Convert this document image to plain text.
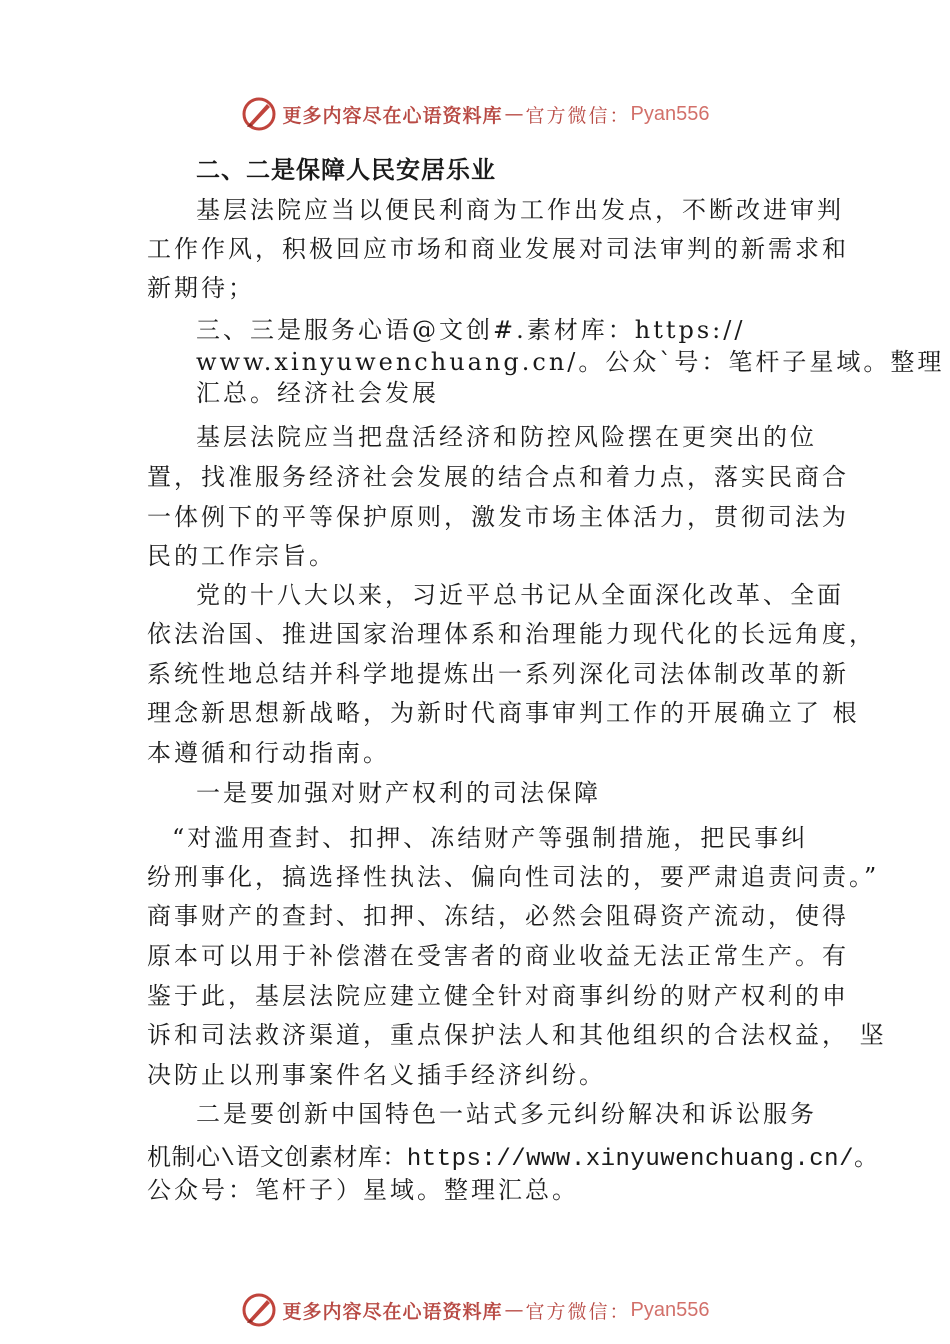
更多内容尽在心语资料库 — 官方微信： Pyan556
二、二是保障人民安居乐业
基层法院应当以便民利商为工作出发点，不断改进审判
工作作风，积极回应市场和商业发展对司法审判的新需求和
新期待；
三、三是服务心语@文创#.素材库：https://
www.xinyuwenchuang.cn/。公众`号：笔杆子星域。整理
汇总。经济社会发展
基层法院应当把盘活经济和防控风险摆在更突出的位
置，找准服务经济社会发展的结合点和着力点，落实民商合
一体例下的平等保护原则，激发市场主体活力，贯彻司法为
民的工作宗旨。
党的十八大以来，习近平总书记从全面深化改革、全面
依法治国、推进国家治理体系和治理能力现代化的长远角度，
系统性地总结并科学地提炼出一系列深化司法体制改革的新
理念新思想新战略，为新时代商事审判工作的开展确立了 根
本遵循和行动指南。
一是要加强对财产权利的司法保障
“对滥用查封、扣押、冻结财产等强制措施，把民事纠
纷刑事化，搞选择性执法、偏向性司法的，要严肃追责问责。”
商事财产的查封、扣押、冻结，必然会阻碍资产流动，使得
原本可以用于补偿潜在受害者的商业收益无法正常生产。有
鉴于此，基层法院应建立健全针对商事纠纷的财产权利的申
诉和司法救济渠道，重点保护法人和其他组织的合法权益， 坚
决防止以刑事案件名义插手经济纠纷。
二是要创新中国特色一站式多元纠纷解决和诉讼服务
机制心\语文创素材库：https://www.xinyuwenchuang.cn/。
公众号：笔杆子）星域。整理汇总。
更多内容尽在心语资料库 — 官方微信： Pyan556
